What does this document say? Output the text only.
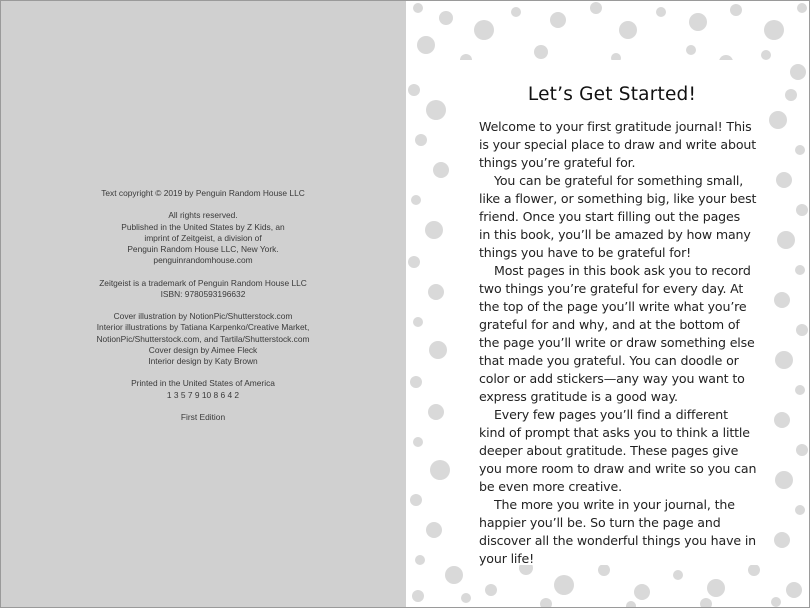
Text copyright © 2019 by Penguin Random House LLC
All rights reserved.
Published in the United States by Z Kids, an
imprint of Zeitgeist, a division of
Penguin Random House LLC, New York.
penguinrandomhouse.com
Zeitgeist is a trademark of Penguin Random House LLC
ISBN: 9780593196632
Cover illustration by NotionPic/Shutterstock.com
Interior illustrations by Tatiana Karpenko/Creative Market,
NotionPic/Shutterstock.com, and Tartila/Shutterstock.com
Cover design by Aimee Fleck
Interior design by Katy Brown
Printed in the United States of America
1 3 5 7 9 10 8 6 4 2
First Edition
Let’s Get Started!
Welcome to your first gratitude journal! This
is your special place to draw and write about
things you’re grateful for.
You can be grateful for something small,
like a flower, or something big, like your best
friend. Once you start filling out the pages
in this book, you’ll be amazed by how many
things you have to be grateful for!
Most pages in this book ask you to record
two things you’re grateful for every day. At
the top of the page you’ll write what you’re
grateful for and why, and at the bottom of
the page you’ll write or draw something else
that made you grateful. You can doodle or
color or add stickers—any way you want to
express gratitude is a good way.
Every few pages you’ll find a different
kind of prompt that asks you to think a little
deeper about gratitude. These pages give
you more room to draw and write so you can
be even more creative.
The more you write in your journal, the
happier you’ll be. So turn the page and
discover all the wonderful things you have in
your life!
